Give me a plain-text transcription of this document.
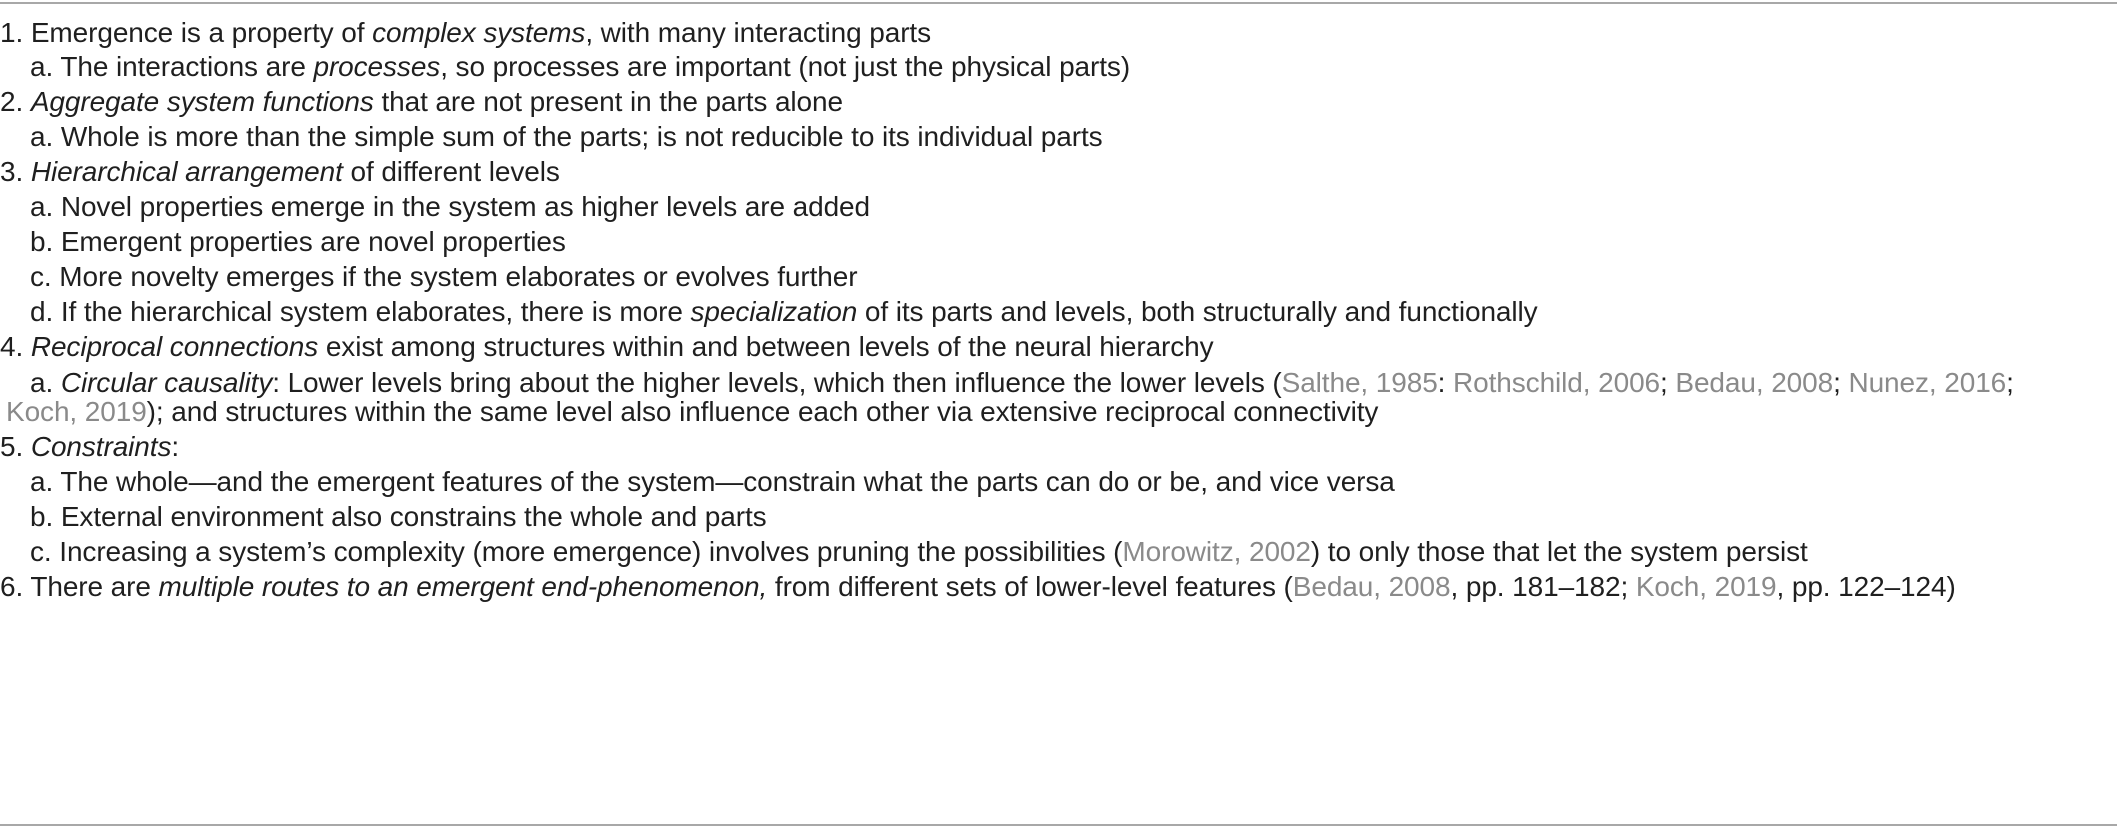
1. Emergence is a property of complex systems, with many interacting parts
a. The interactions are processes, so processes are important (not just the physical parts)
2. Aggregate system functions that are not present in the parts alone
a. Whole is more than the simple sum of the parts; is not reducible to its individual parts
3. Hierarchical arrangement of different levels
a. Novel properties emerge in the system as higher levels are added
b. Emergent properties are novel properties
c. More novelty emerges if the system elaborates or evolves further
d. If the hierarchical system elaborates, there is more specialization of its parts and levels, both structurally and functionally
4. Reciprocal connections exist among structures within and between levels of the neural hierarchy
a. Circular causality: Lower levels bring about the higher levels, which then influence the lower levels (Salthe, 1985: Rothschild, 2006; Bedau, 2008; Nunez, 2016;
Koch, 2019); and structures within the same level also influence each other via extensive reciprocal connectivity
5. Constraints:
a. The whole—and the emergent features of the system—constrain what the parts can do or be, and vice versa
b. External environment also constrains the whole and parts
c. Increasing a system’s complexity (more emergence) involves pruning the possibilities (Morowitz, 2002) to only those that let the system persist
6. There are multiple routes to an emergent end-phenomenon, from different sets of lower-level features (Bedau, 2008, pp. 181–182; Koch, 2019, pp. 122–124)
